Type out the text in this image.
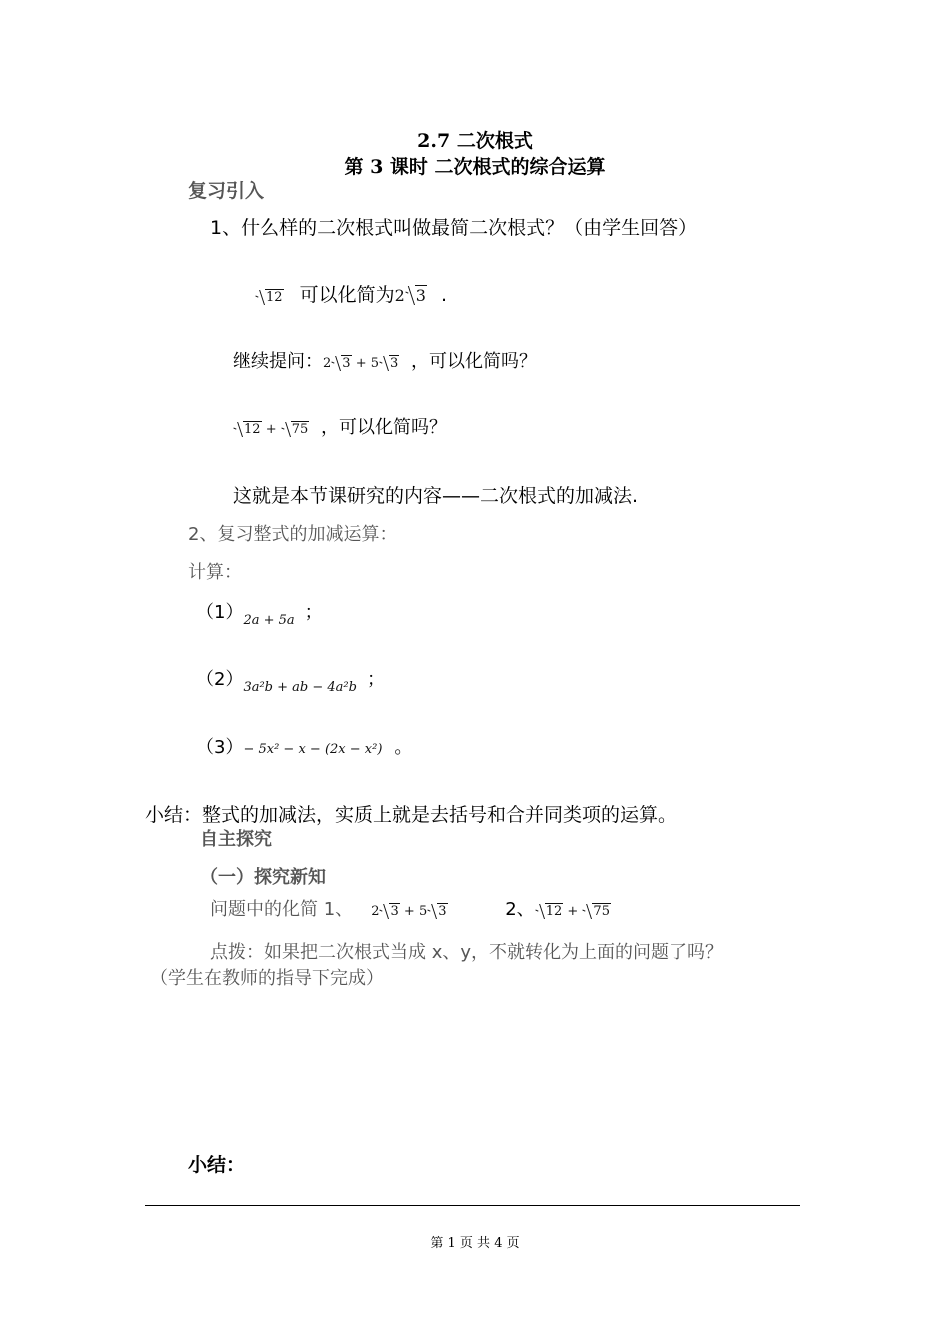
2.7 二次根式
第 3 课时 二次根式的综合运算
复习引入
1、什么样的二次根式叫做最简二次根式？（由学生回答）
12 可以化简为2 3 .
继续提问：2 3 + 5 3 ，可以化简吗？
12 + 75 ，可以化简吗？
这就是本节课研究的内容——二次根式的加减法.
2、复习整式的加减运算：
计算：
$(1)_{2a + 5a}$ ；
$(2)_{3a^2b + ab - 4a^2b}$ ；
（3）− 5x² − x − (2x − x²) 。
小结：整式的加减法，实质上就是去括号和合并同类项的运算。
自主探究
（一）探究新知
问题中的化简 1、 2 3 + 5 3	2、 12 + 75
点拨：如果把二次根式当成 x、y，不就转化为上面的问题了吗？
（学生在教师的指导下完成）
小结：
第 1 页 共 4 页
